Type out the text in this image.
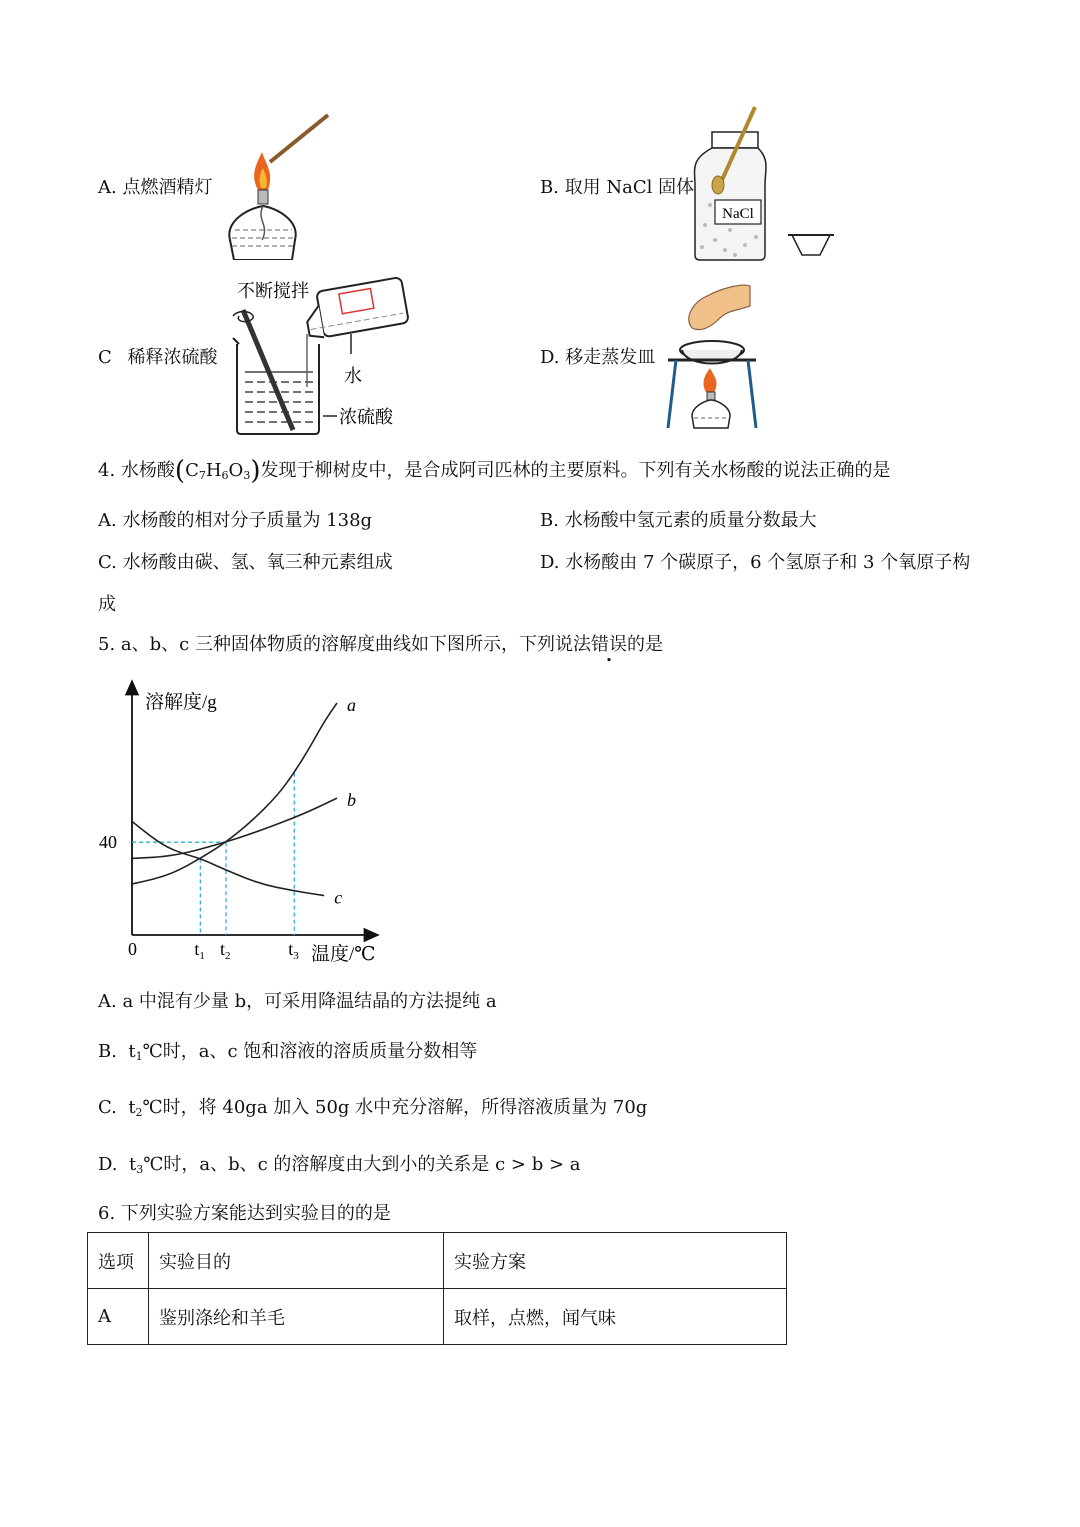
A. 点燃酒精灯	B. 取用 NaCl 固体
NaCl
C 稀释浓硫酸
不断搅拌
水
浓硫酸
D. 移走蒸发皿
4. 水杨酸$(C_7H_6O_3)$发现于柳树皮中，是合成阿司匹林的主要原料。下列有关水杨酸的说法正确的是
A. 水杨酸的相对分子质量为 138g	B. 水杨酸中氢元素的质量分数最大
C. 水杨酸由碳、氢、氧三种元素组成	D. 水杨酸由 7 个碳原子，6 个氢原子和 3 个氧原子构
成
5. a、b、c 三种固体物质的溶解度曲线如下图所示，下列说法错误的是
溶解度/g
温度/℃
0
40
$t_1$ $t_2$	$t_3$
a
b
c
A. a 中混有少量 b，可采用降温结晶的方法提纯 a
B. $t_1℃$时，a、c 饱和溶液的溶质质量分数相等
C. $t_2℃$时，将 40ga 加入 50g 水中充分溶解，所得溶液质量为 70g
D. $t_3℃$时，a、b、c 的溶解度由大到小的关系是 c > b > a
6. 下列实验方案能达到实验目的的是
选项	实验目的	实验方案
A	鉴别涤纶和羊毛	取样，点燃，闻气味
